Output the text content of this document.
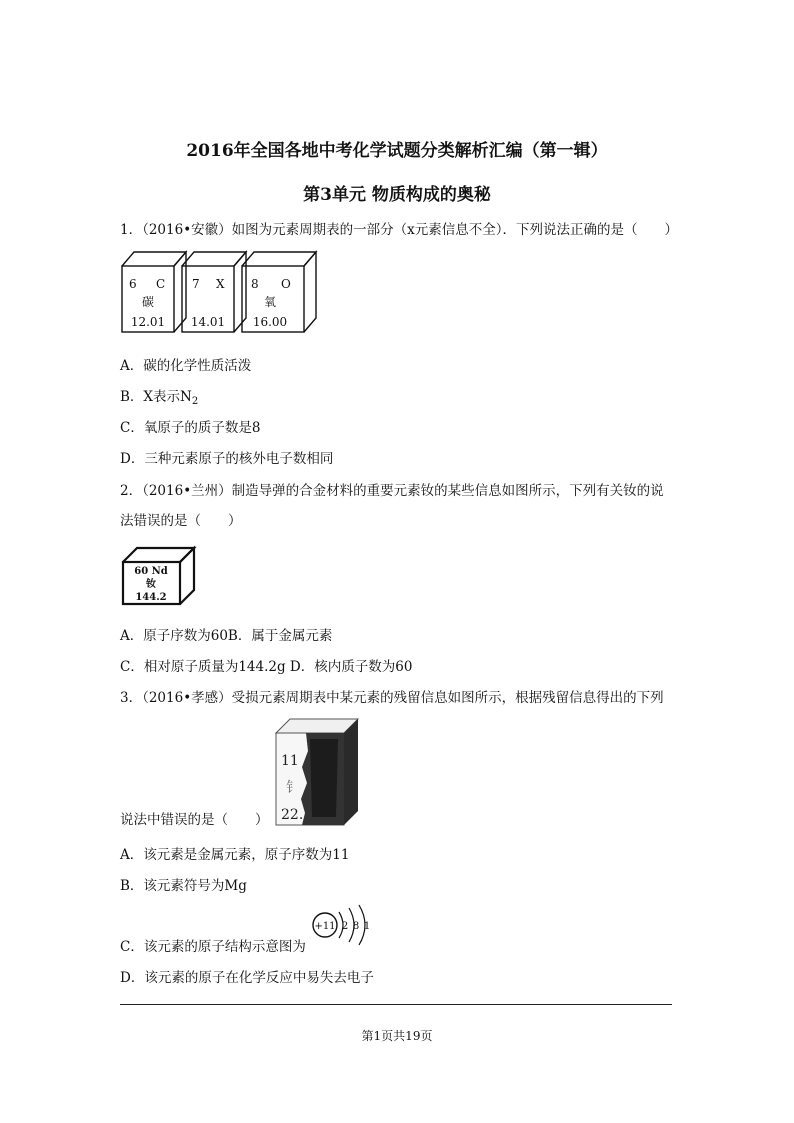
2016年全国各地中考化学试题分类解析汇编（第一辑）
第3单元 物质构成的奥秘
1．（2016•安徽）如图为元素周期表的一部分（x元素信息不全）．下列说法正确的是（　　）
6 C
碳
12.01
7 X
14.01
8 O
氧
16.00
A．碳的化学性质活泼
B．X表示$N_2$
C．氧原子的质子数是8
D．三种元素原子的核外电子数相同
2．（2016•兰州）制造导弹的合金材料的重要元素钕的某些信息如图所示，下列有关钕的说
法错误的是（　　）
60 Nd
钕
144.2
A．原子序数为60B．属于金属元素
C．相对原子质量为144.2g D．核内质子数为60
3．（2016•孝感）受损元素周期表中某元素的残留信息如图所示，根据残留信息得出的下列
11
钅
22.
说法中错误的是（　　）
A．该元素是金属元素，原子序数为11
B．该元素符号为Mg
C．该元素的原子结构示意图为
+11 2 8 1
D．该元素的原子在化学反应中易失去电子
第1页共19页
